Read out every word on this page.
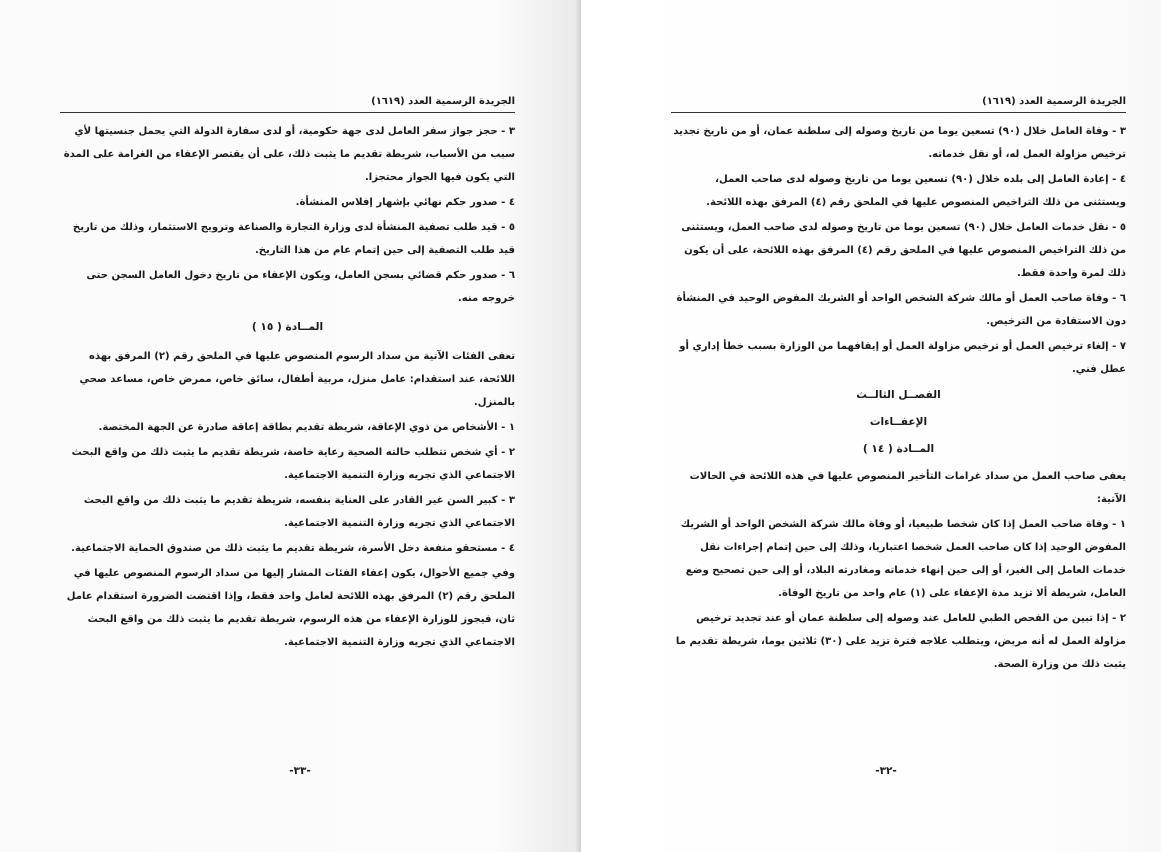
الجريدة الرسمية العدد (١٦١٩)

٣ - حجز جواز سفر العامل لدى جهة حكومية، أو لدى سفارة الدولة التي يحمل جنسيتها لأي سبب من الأسباب، شريطة تقديم ما يثبت ذلك، على أن يقتصر الإعفاء من الغرامة على المدة التي يكون فيها الجواز محتجزا.

٤ - صدور حكم نهائي بإشهار إفلاس المنشأة.

٥ - قيد طلب تصفية المنشأة لدى وزارة التجارة والصناعة وترويج الاستثمار، وذلك من تاريخ قيد طلب التصفية إلى حين إتمام عام من هذا التاريخ.

٦ - صدور حكم قضائي بسجن العامل، ويكون الإعفاء من تاريخ دخول العامل السجن حتى خروجه منه.

المــادة ( ١٥ )

تعفى الفئات الآتية من سداد الرسوم المنصوص عليها في الملحق رقم (٢) المرفق بهذه اللائحة، عند استقدام: عامل منزل، مربية أطفال، سائق خاص، ممرض خاص، مساعد صحي بالمنزل.

١ - الأشخاص من ذوي الإعاقة، شريطة تقديم بطاقة إعاقة صادرة عن الجهة المختصة.

٢ - أي شخص تتطلب حالته الصحية رعاية خاصة، شريطة تقديم ما يثبت ذلك من واقع البحث الاجتماعي الذي تجريه وزارة التنمية الاجتماعية.

٣ - كبير السن غير القادر على العناية بنفسه، شريطة تقديم ما يثبت ذلك من واقع البحث الاجتماعي الذي تجريه وزارة التنمية الاجتماعية.

٤ - مستحقو منفعة دخل الأسرة، شريطة تقديم ما يثبت ذلك من صندوق الحماية الاجتماعية.

وفي جميع الأحوال، يكون إعفاء الفئات المشار إليها من سداد الرسوم المنصوص عليها في الملحق رقم (٢) المرفق بهذه اللائحة لعامل واحد فقط، وإذا اقتضت الضرورة استقدام عامل ثان، فيجوز للوزارة الإعفاء من هذه الرسوم، شريطة تقديم ما يثبت ذلك من واقع البحث الاجتماعي الذي تجريه وزارة التنمية الاجتماعية.

-٣٣-
الجريدة الرسمية العدد (١٦١٩)

٣ - وفاة العامل خلال (٩٠) تسعين يوما من تاريخ وصوله إلى سلطنة عمان، أو من تاريخ تجديد ترخيص مزاولة العمل له، أو نقل خدماته.

٤ - إعادة العامل إلى بلده خلال (٩٠) تسعين يوما من تاريخ وصوله لدى صاحب العمل، ويستثنى من ذلك التراخيص المنصوص عليها في الملحق رقم (٤) المرفق بهذه اللائحة.

٥ - نقل خدمات العامل خلال (٩٠) تسعين يوما من تاريخ وصوله لدى صاحب العمل، ويستثنى من ذلك التراخيص المنصوص عليها في الملحق رقم (٤) المرفق بهذه اللائحة، على أن يكون ذلك لمرة واحدة فقط.

٦ - وفاة صاحب العمل أو مالك شركة الشخص الواحد أو الشريك المفوض الوحيد في المنشأة دون الاستفادة من الترخيص.

٧ - إلغاء ترخيص العمل أو ترخيص مزاولة العمل أو إيقافهما من الوزارة بسبب خطأ إداري أو عطل فني.

الفصــل الثالــث
الإعفــاءات
المــادة ( ١٤ )

يعفى صاحب العمل من سداد غرامات التأخير المنصوص عليها في هذه اللائحة في الحالات الآتية:

١ - وفاة صاحب العمل إذا كان شخصا طبيعيا، أو وفاة مالك شركة الشخص الواحد أو الشريك المفوض الوحيد إذا كان صاحب العمل شخصا اعتباريا، وذلك إلى حين إتمام إجراءات نقل خدمات العامل إلى الغير، أو إلى حين إنهاء خدماته ومغادرته البلاد، أو إلى حين تصحيح وضع العامل، شريطة ألا تزيد مدة الإعفاء على (١) عام واحد من تاريخ الوفاة.

٢ - إذا تبين من الفحص الطبي للعامل عند وصوله إلى سلطنة عمان أو عند تجديد ترخيص مزاولة العمل له أنه مريض، ويتطلب علاجه فترة تزيد على (٣٠) ثلاثين يوما، شريطة تقديم ما يثبت ذلك من وزارة الصحة.

-٣٢-
